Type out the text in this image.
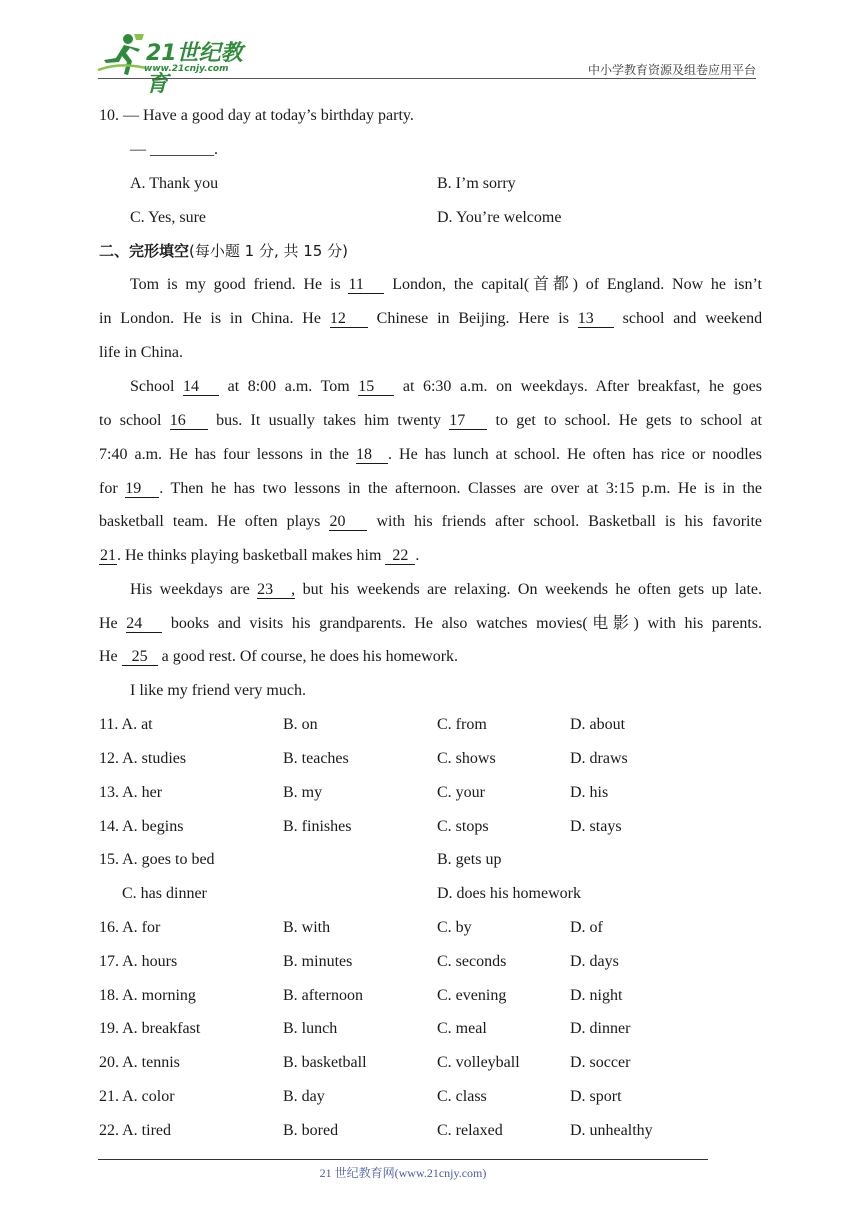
21世纪教育
www.21cnjy.com	中小学教育资源及组卷应用平台
10. — Have a good day at today’s birthday party.
— ________.
A. Thank you	B. I’m sorry
C. Yes, sure	D. You’re welcome
二、完形填空(每小题 1 分, 共 15 分)
Tom is my good friend. He is 11 London, the capital(首都) of England. Now he isn’t
in London. He is in China. He 12 Chinese in Beijing. Here is 13 school and weekend
life in China.
School 14 at 8:00 a.m. Tom 15 at 6:30 a.m. on weekdays. After breakfast, he goes
to school 16 bus. It usually takes him twenty 17 to get to school. He gets to school at
7:40 a.m. He has four lessons in the 18 . He has lunch at school. He often has rice or noodles
for 19 . Then he has two lessons in the afternoon. Classes are over at 3:15 p.m. He is in the
basketball team. He often plays 20 with his friends after school. Basketball is his favorite
21. He thinks playing basketball makes him 22 .
His weekdays are 23 , but his weekends are relaxing. On weekends he often gets up late.
He 24 books and visits his grandparents. He also watches movies(电影) with his parents.
He 25 a good rest. Of course, he does his homework.
I like my friend very much.
11. A. at	B. on	C. from	D. about
12. A. studies	B. teaches	C. shows	D. draws
13. A. her	B. my	C. your	D. his
14. A. begins	B. finishes	C. stops	D. stays
15. A. goes to bed	B. gets up
C. has dinner	D. does his homework
16. A. for	B. with	C. by	D. of
17. A. hours	B. minutes	C. seconds	D. days
18. A. morning	B. afternoon	C. evening	D. night
19. A. breakfast	B. lunch	C. meal	D. dinner
20. A. tennis	B. basketball	C. volleyball	D. soccer
21. A. color	B. day	C. class	D. sport
22. A. tired	B. bored	C. relaxed	D. unhealthy
21 世纪教育网(www.21cnjy.com)
